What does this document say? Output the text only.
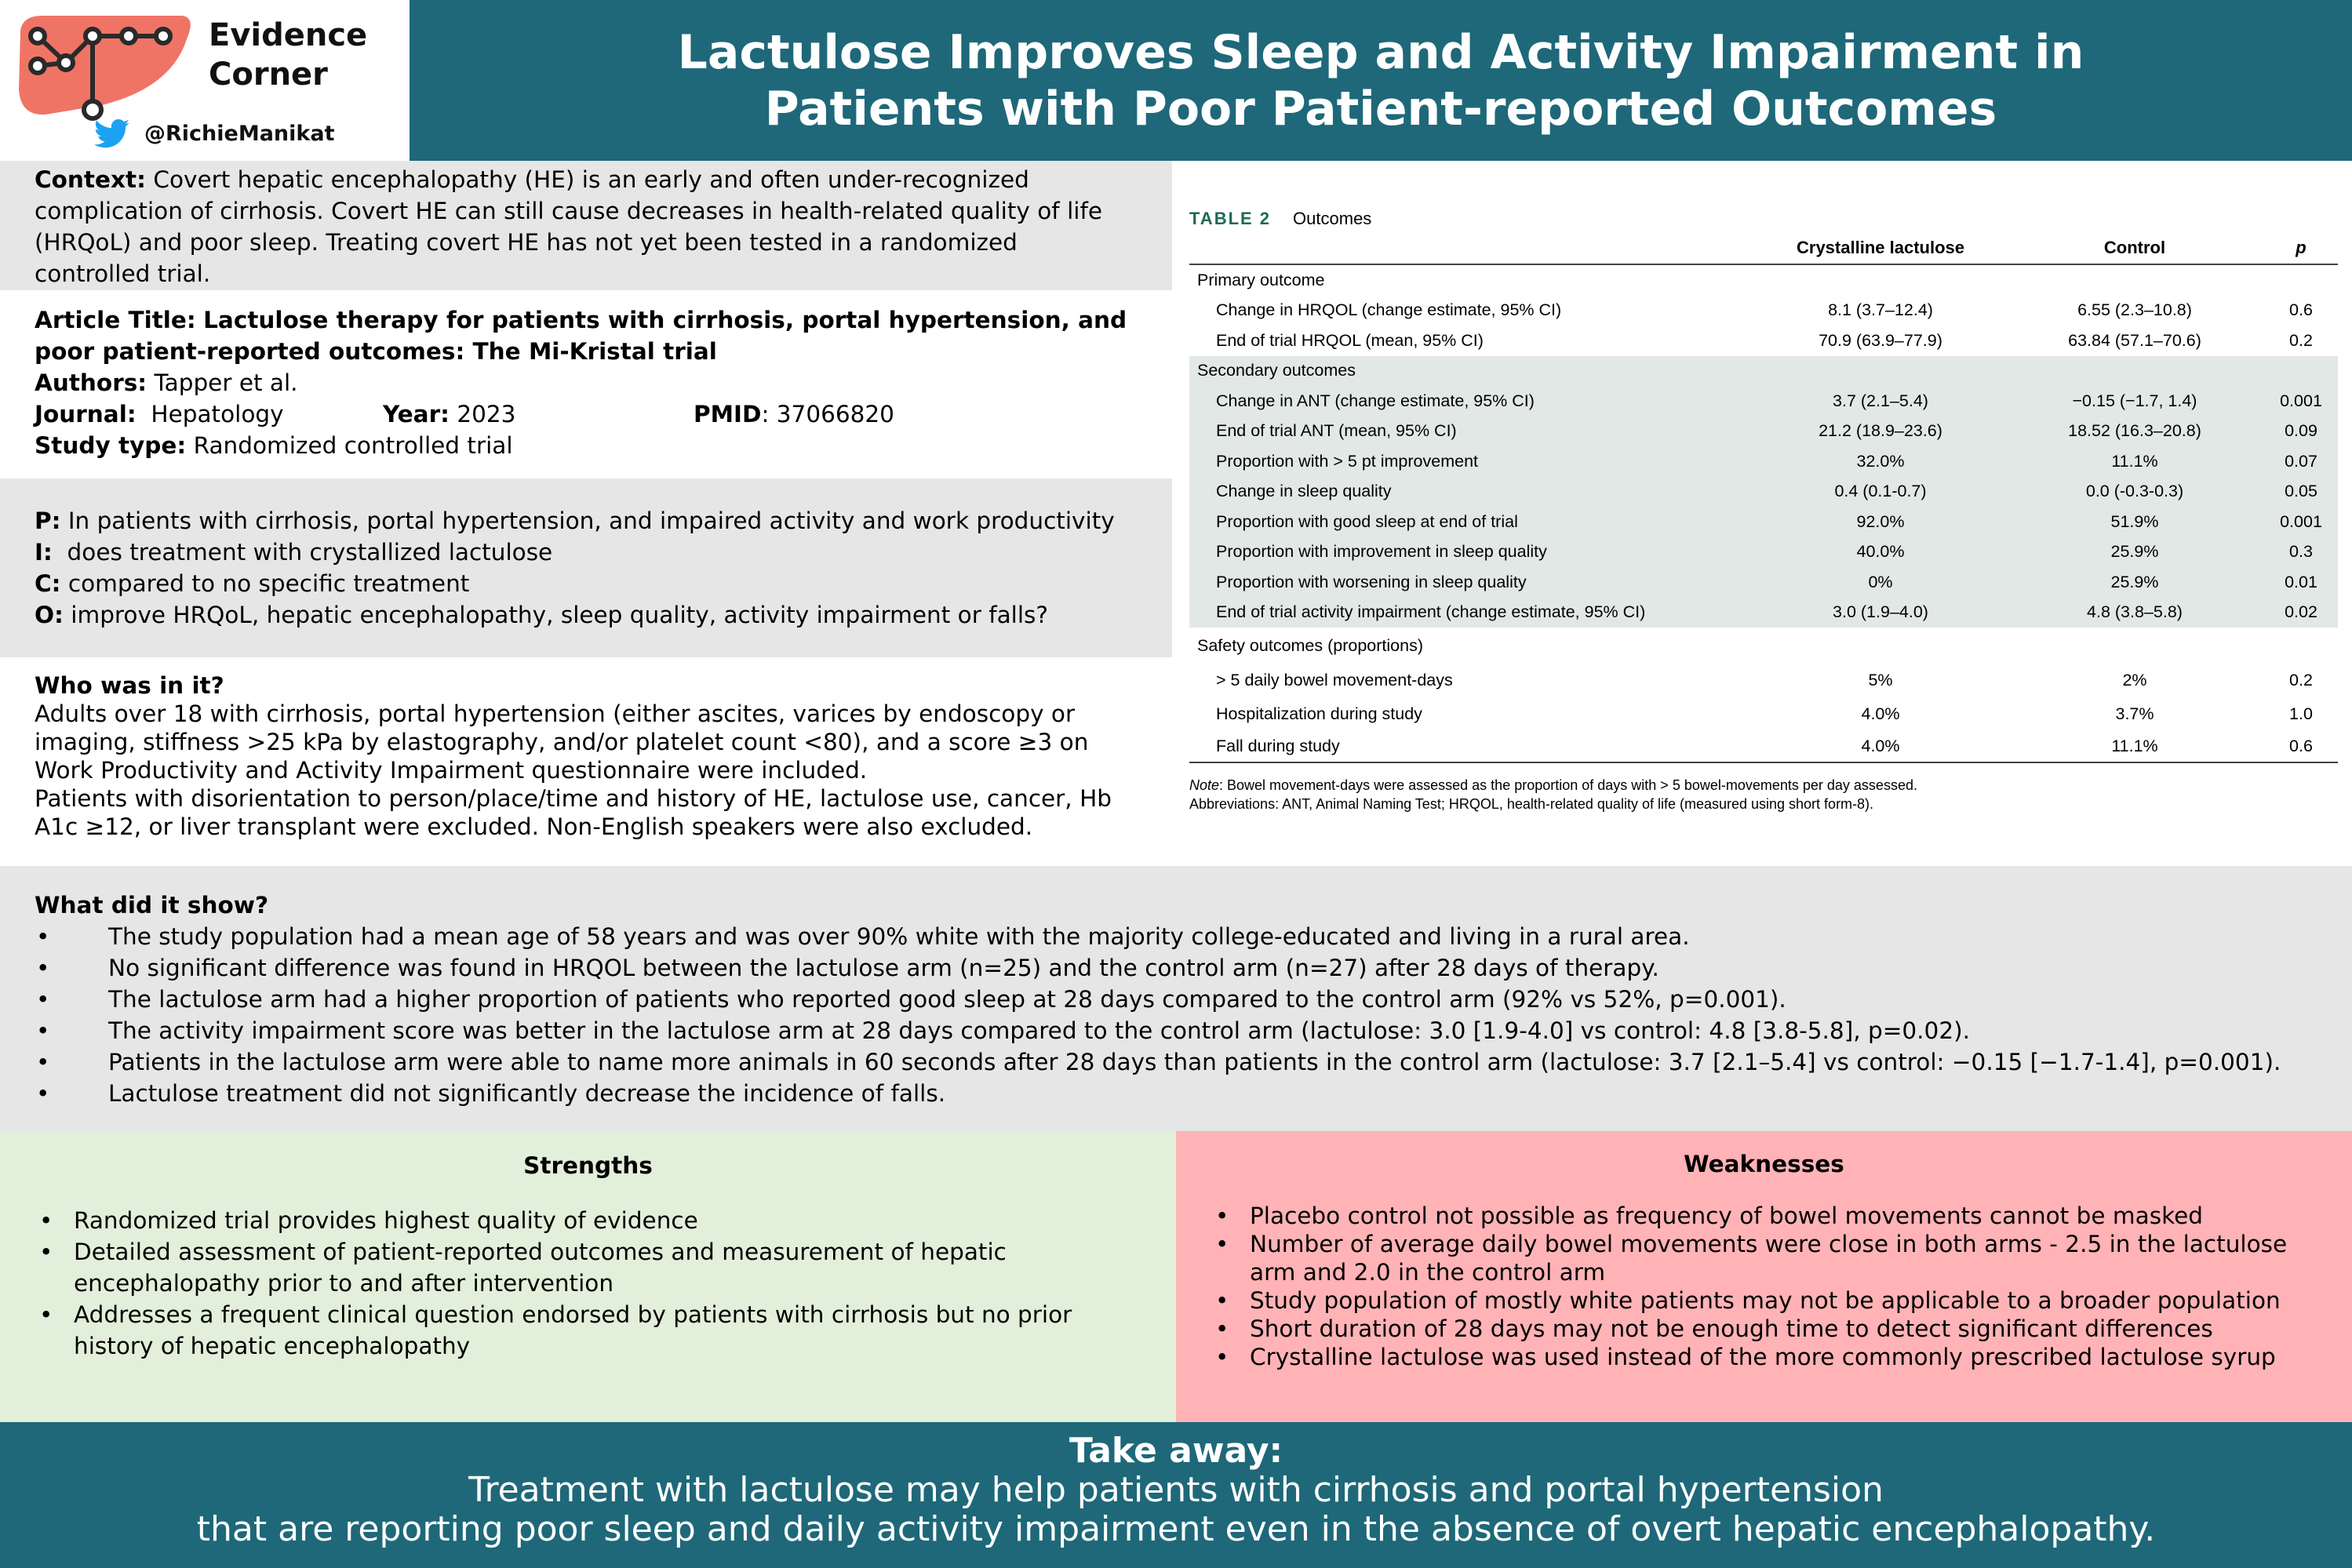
Evidence
Corner
@RichieManikat
Lactulose Improves Sleep and Activity Impairment in Patients with Poor Patient-reported Outcomes

Context: Covert hepatic encephalopathy (HE) is an early and often under-recognized complication of cirrhosis. Covert HE can still cause decreases in health-related quality of life (HRQoL) and poor sleep. Treating covert HE has not yet been tested in a randomized controlled trial.

Article Title: Lactulose therapy for patients with cirrhosis, portal hypertension, and poor patient-reported outcomes: The Mi-Kristal trial

Authors: Tapper et al.

Journal: Hepatology	Year: 2023	PMID: 37066820

Study type: Randomized controlled trial

P: In patients with cirrhosis, portal hypertension, and impaired activity and work productivity

I: does treatment with crystallized lactulose

C: compared to no specific treatment

O: improve HRQoL, hepatic encephalopathy, sleep quality, activity impairment or falls?

Who was in it?

Adults over 18 with cirrhosis, portal hypertension (either ascites, varices by endoscopy or imaging, stiffness >25 kPa by elastography, and/or platelet count <80), and a score ≥3 on Work Productivity and Activity Impairment questionnaire were included.

Patients with disorientation to person/place/time and history of HE, lactulose use, cancer, Hb A1c ≥12, or liver transplant were excluded. Non-English speakers were also excluded.

TABLE 2 Outcomes
	Crystalline lactulose	Control	p
Primary outcome			
Change in HRQOL (change estimate, 95% CI)	8.1 (3.7–12.4)	6.55 (2.3–10.8)	0.6
End of trial HRQOL (mean, 95% CI)	70.9 (63.9–77.9)	63.84 (57.1–70.6)	0.2
Secondary outcomes			
Change in ANT (change estimate, 95% CI)	3.7 (2.1–5.4)	−0.15 (−1.7, 1.4)	0.001
End of trial ANT (mean, 95% CI)	21.2 (18.9–23.6)	18.52 (16.3–20.8)	0.09
Proportion with > 5 pt improvement	32.0%	11.1%	0.07
Change in sleep quality	0.4 (0.1-0.7)	0.0 (-0.3-0.3)	0.05
Proportion with good sleep at end of trial	92.0%	51.9%	0.001
Proportion with improvement in sleep quality	40.0%	25.9%	0.3
Proportion with worsening in sleep quality	0%	25.9%	0.01
End of trial activity impairment (change estimate, 95% CI)	3.0 (1.9–4.0)	4.8 (3.8–5.8)	0.02
Safety outcomes (proportions)			
> 5 daily bowel movement-days	5%	2%	0.2
Hospitalization during study	4.0%	3.7%	1.0
Fall during study	4.0%	11.1%	0.6
Note: Bowel movement-days were assessed as the proportion of days with > 5 bowel-movements per day assessed.
Abbreviations: ANT, Animal Naming Test; HRQOL, health-related quality of life (measured using short form-8).

What did it show?

• The study population had a mean age of 58 years and was over 90% white with the majority college-educated and living in a rural area.
• No significant difference was found in HRQOL between the lactulose arm (n=25) and the control arm (n=27) after 28 days of therapy.
• The lactulose arm had a higher proportion of patients who reported good sleep at 28 days compared to the control arm (92% vs 52%, p=0.001).
• The activity impairment score was better in the lactulose arm at 28 days compared to the control arm (lactulose: 3.0 [1.9-4.0] vs control: 4.8 [3.8-5.8], p=0.02).
• Patients in the lactulose arm were able to name more animals in 60 seconds after 28 days than patients in the control arm (lactulose: 3.7 [2.1–5.4] vs control: −0.15 [−1.7-1.4], p=0.001).
• Lactulose treatment did not significantly decrease the incidence of falls.
Strengths
• Randomized trial provides highest quality of evidence
• Detailed assessment of patient-reported outcomes and measurement of hepatic encephalopathy prior to and after intervention
• Addresses a frequent clinical question endorsed by patients with cirrhosis but no prior history of hepatic encephalopathy
Weaknesses
• Placebo control not possible as frequency of bowel movements cannot be masked
• Number of average daily bowel movements were close in both arms - 2.5 in the lactulose arm and 2.0 in the control arm
• Study population of mostly white patients may not be applicable to a broader population
• Short duration of 28 days may not be enough time to detect significant differences
• Crystalline lactulose was used instead of the more commonly prescribed lactulose syrup
Take away:
Treatment with lactulose may help patients with cirrhosis and portal hypertension
that are reporting poor sleep and daily activity impairment even in the absence of overt hepatic encephalopathy.
